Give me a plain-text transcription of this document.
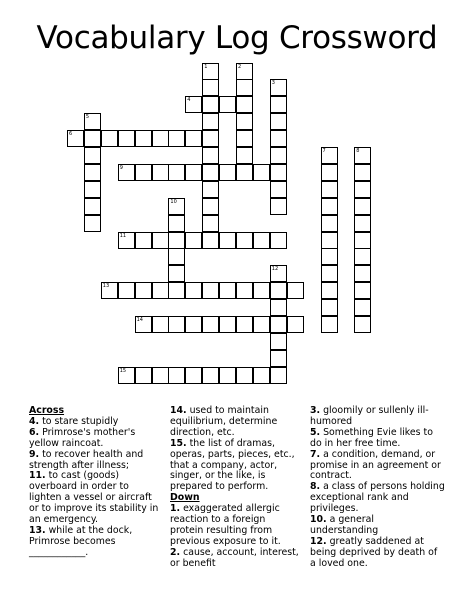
Vocabulary Log Crossword
1	2
3
4
5
6
7	8
9
10
11
12
13
14
15

Across

4. to stare stupidly

6. Primrose's mother's yellow raincoat.

9. to recover health and strength after illness;

11. to cast (goods) overboard in order to lighten a vessel or aircraft or to improve its stability in an emergency.

13. while at the dock, Primrose becomes ____________.

14. used to maintain equilibrium, determine direction, etc.

15. the list of dramas, operas, parts, pieces, etc., that a company, actor, singer, or the like, is prepared to perform.

Down

1. exaggerated allergic reaction to a foreign protein resulting from previous exposure to it.

2. cause, account, interest, or benefit

3. gloomily or sullenly ill-humored

5. Something Evie likes to do in her free time.

7. a condition, demand, or promise in an agreement or contract.

8. a class of persons holding exceptional rank and privileges.

10. a general understanding

12. greatly saddened at being deprived by death of a loved one.
